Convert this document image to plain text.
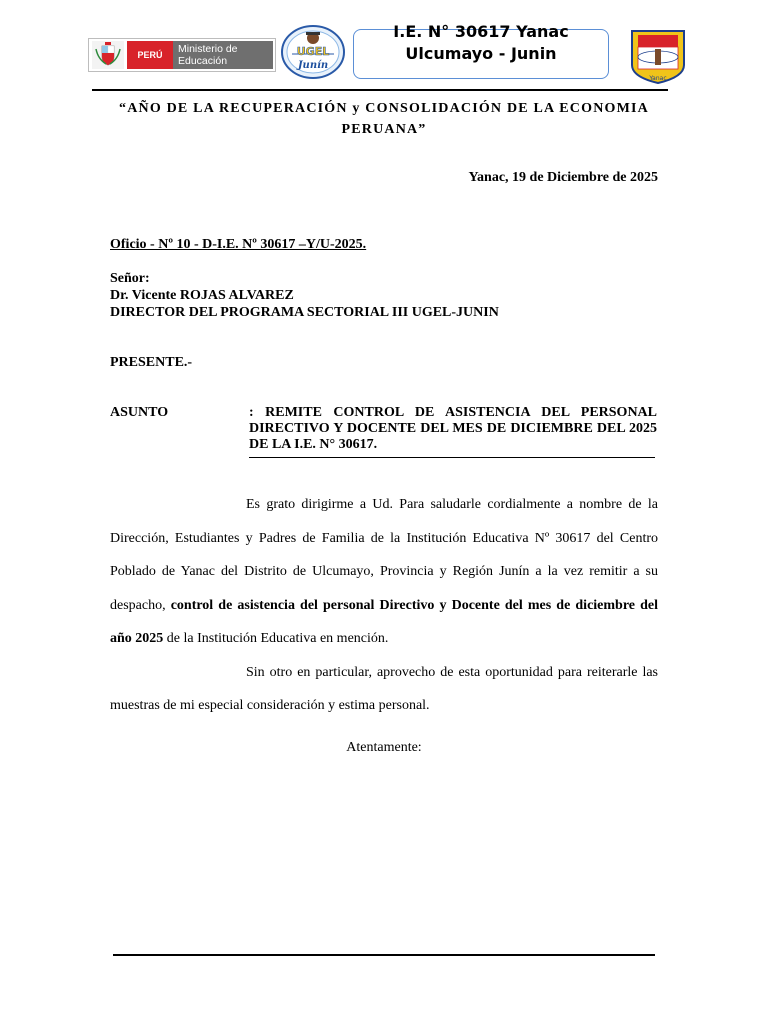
PERÚ	Ministerio de Educación
UGEL
Junín
I.E. N° 30617 Yanac
Ulcumayo - Junin
Yanac
“AÑO DE LA RECUPERACIÓN y CONSOLIDACIÓN DE LA ECONOMIA PERUANA”
Yanac, 19 de Diciembre de 2025
Oficio - Nº 10 - D-I.E. Nº 30617 –Y/U-2025.
Señor:
Dr. Vicente ROJAS ALVAREZ
DIRECTOR DEL PROGRAMA SECTORIAL III UGEL-JUNIN
PRESENTE.-
ASUNTO	: REMITE CONTROL DE ASISTENCIA DEL PERSONAL DIRECTIVO Y DOCENTE DEL MES DE DICIEMBRE DEL 2025 DE LA I.E. N° 30617.

Es grato dirigirme a Ud. Para saludarle cordialmente a nombre de la Dirección, Estudiantes y Padres de Familia de la Institución Educativa Nº 30617 del Centro Poblado de Yanac del Distrito de Ulcumayo, Provincia y Región Junín a la vez remitir a su despacho, control de asistencia del personal Directivo y Docente del mes de diciembre del año 2025 de la Institución Educativa en mención.

Sin otro en particular, aprovecho de esta oportunidad para reiterarle las muestras de mi especial consideración y estima personal.

Atentamente:
